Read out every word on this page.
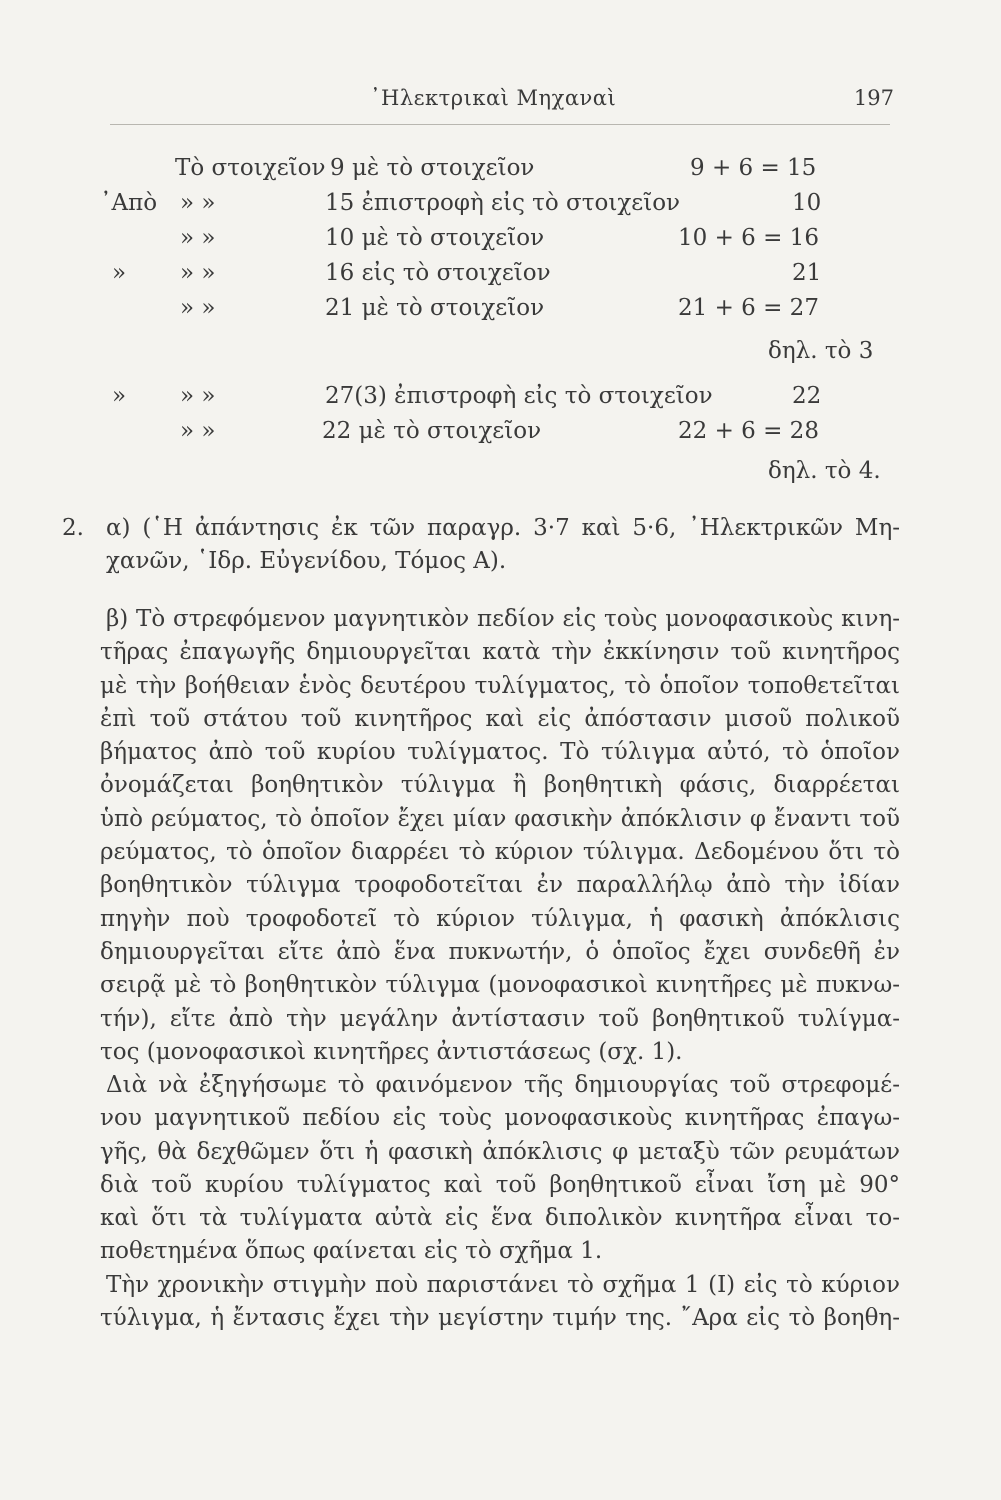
᾿Ηλεκτρικαὶ Μηχαναὶ	197
Τὸ στοιχεῖον 9 μὲ τὸ στοιχεῖον	9 + 6 = 15
᾿Απὸ » »	15 ἐπιστροφὴ εἰς τὸ στοιχεῖον	10
» »	10 μὲ τὸ στοιχεῖον	10 + 6 = 16
» » »	16 εἰς τὸ στοιχεῖον	21
» »	21 μὲ τὸ στοιχεῖον	21 + 6 = 27
δηλ. τὸ 3
» » »	27(3) ἐπιστροφὴ εἰς τὸ στοιχεῖον	22
» »	22 μὲ τὸ στοιχεῖον	22 + 6 = 28
δηλ. τὸ 4.
2. α) (῾Η ἀπάντησις ἐκ τῶν παραγρ. 3·7 καὶ 5·6, ᾿Ηλεκτρικῶν Μη-
χανῶν, ῾Ιδρ. Εὐγενίδου, Τόμος Α).
β) Τὸ στρεφόμενον μαγνητικὸν πεδίον εἰς τοὺς μονοφασικοὺς κινη-
τῆρας ἐπαγωγῆς δημιουργεῖται κατὰ τὴν ἐκκίνησιν τοῦ κινητῆρος
μὲ τὴν βοήθειαν ἑνὸς δευτέρου τυλίγματος, τὸ ὁποῖον τοποθετεῖται
ἐπὶ τοῦ στάτου τοῦ κινητῆρος καὶ εἰς ἀπόστασιν μισοῦ πολικοῦ
βήματος ἀπὸ τοῦ κυρίου τυλίγματος. Τὸ τύλιγμα αὐτό, τὸ ὁποῖον
ὀνομάζεται βοηθητικὸν τύλιγμα ἢ βοηθητικὴ φάσις, διαρρέεται
ὑπὸ ρεύματος, τὸ ὁποῖον ἔχει μίαν φασικὴν ἀπόκλισιν φ ἔναντι τοῦ
ρεύματος, τὸ ὁποῖον διαρρέει τὸ κύριον τύλιγμα. Δεδομένου ὅτι τὸ
βοηθητικὸν τύλιγμα τροφοδοτεῖται ἐν παραλλήλῳ ἀπὸ τὴν ἰδίαν
πηγὴν ποὺ τροφοδοτεῖ τὸ κύριον τύλιγμα, ἡ φασικὴ ἀπόκλισις
δημιουργεῖται εἴτε ἀπὸ ἕνα πυκνωτήν, ὁ ὁποῖος ἔχει συνδεθῆ ἐν
σειρᾷ μὲ τὸ βοηθητικὸν τύλιγμα (μονοφασικοὶ κινητῆρες μὲ πυκνω-
τήν), εἴτε ἀπὸ τὴν μεγάλην ἀντίστασιν τοῦ βοηθητικοῦ τυλίγμα-
τος (μονοφασικοὶ κινητῆρες ἀντιστάσεως (σχ. 1).
Διὰ νὰ ἐξηγήσωμε τὸ φαινόμενον τῆς δημιουργίας τοῦ στρεφομέ-
νου μαγνητικοῦ πεδίου εἰς τοὺς μονοφασικοὺς κινητῆρας ἐπαγω-
γῆς, θὰ δεχθῶμεν ὅτι ἡ φασικὴ ἀπόκλισις φ μεταξὺ τῶν ρευμάτων
διὰ τοῦ κυρίου τυλίγματος καὶ τοῦ βοηθητικοῦ εἶναι ἴση μὲ 90°
καὶ ὅτι τὰ τυλίγματα αὐτὰ εἰς ἕνα διπολικὸν κινητῆρα εἶναι το-
ποθετημένα ὅπως φαίνεται εἰς τὸ σχῆμα 1.
Τὴν χρονικὴν στιγμὴν ποὺ παριστάνει τὸ σχῆμα 1 (Ι) εἰς τὸ κύριον
τύλιγμα, ἡ ἔντασις ἔχει τὴν μεγίστην τιμήν της. ῎Αρα εἰς τὸ βοηθη-
